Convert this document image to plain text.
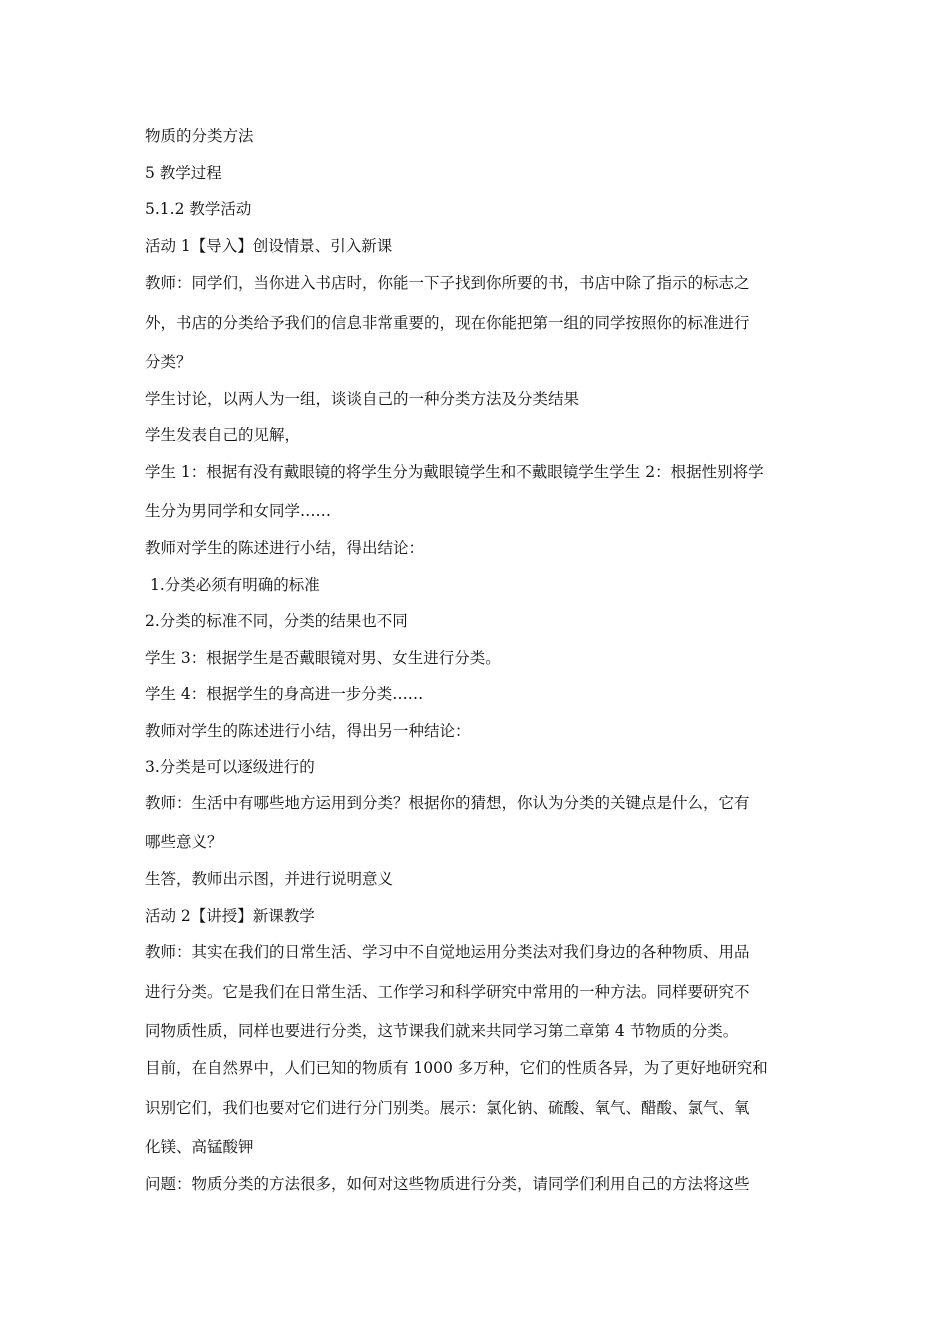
物质的分类方法

5 教学过程

5.1.2 教学活动

活动 1【导入】创设情景、引入新课

教师：同学们，当你进入书店时，你能一下子找到你所要的书，书店中除了指示的标志之

外，书店的分类给予我们的信息非常重要的，现在你能把第一组的同学按照你的标准进行

分类？

学生讨论，以两人为一组，谈谈自己的一种分类方法及分类结果

学生发表自己的见解，

学生 1：根据有没有戴眼镜的将学生分为戴眼镜学生和不戴眼镜学生学生 2：根据性别将学

生分为男同学和女同学……

教师对学生的陈述进行小结，得出结论：

1.分类必须有明确的标准

2.分类的标准不同，分类的结果也不同

学生 3：根据学生是否戴眼镜对男、女生进行分类。

学生 4：根据学生的身高进一步分类……

教师对学生的陈述进行小结，得出另一种结论：

3.分类是可以逐级进行的

教师：生活中有哪些地方运用到分类？根据你的猜想，你认为分类的关键点是什么，它有

哪些意义？

生答，教师出示图，并进行说明意义

活动 2【讲授】新课教学

教师：其实在我们的日常生活、学习中不自觉地运用分类法对我们身边的各种物质、用品

进行分类。它是我们在日常生活、工作学习和科学研究中常用的一种方法。同样要研究不

同物质性质，同样也要进行分类，这节课我们就来共同学习第二章第 4 节物质的分类。

目前，在自然界中，人们已知的物质有 1000 多万种，它们的性质各异，为了更好地研究和

识别它们，我们也要对它们进行分门别类。展示：氯化钠、硫酸、氧气、醋酸、氯气、氧

化镁、高锰酸钾

问题：物质分类的方法很多，如何对这些物质进行分类，请同学们利用自己的方法将这些
